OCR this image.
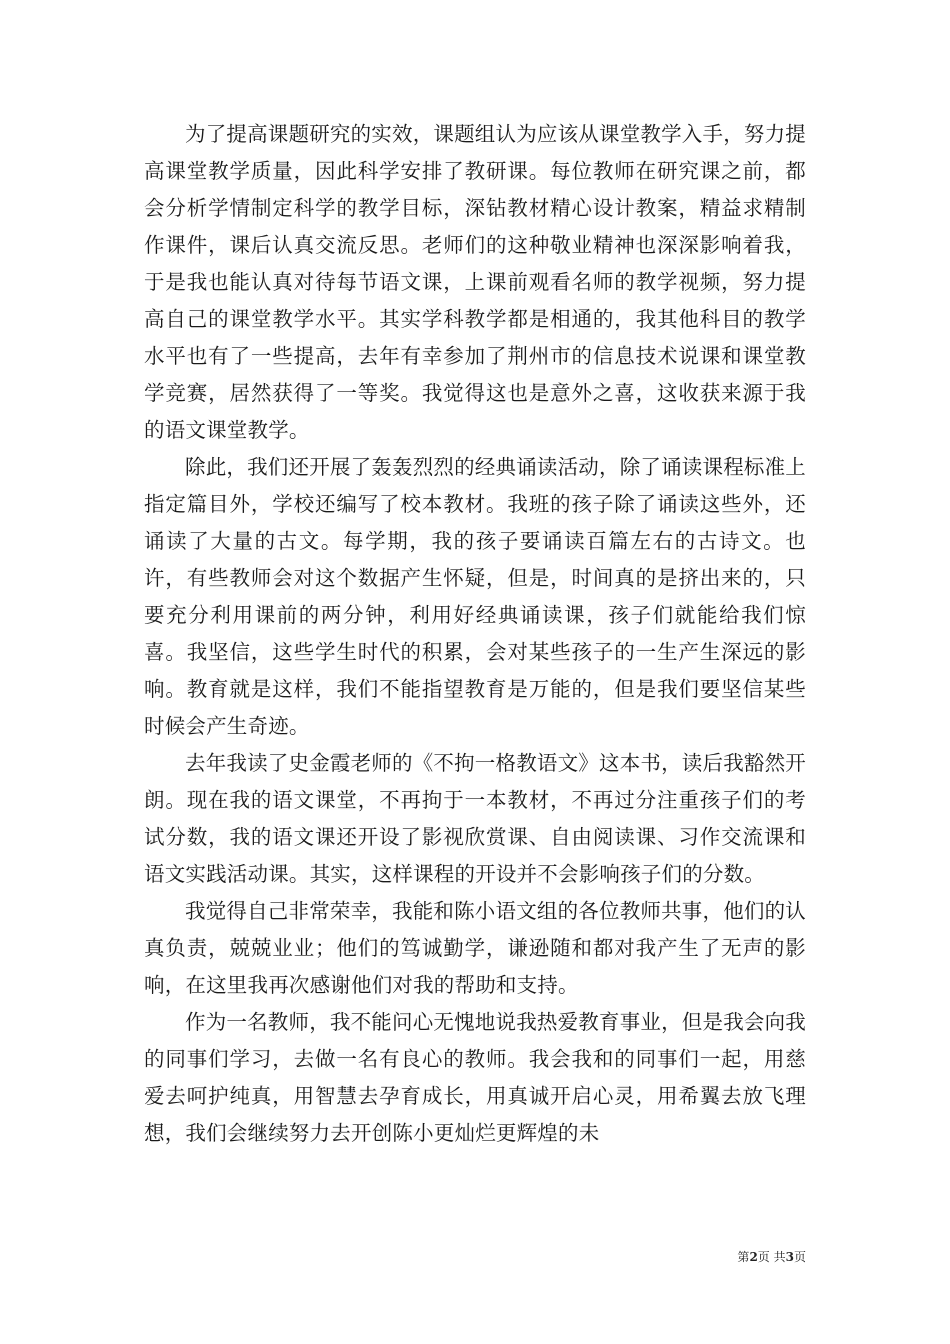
为了提高课题研究的实效，课题组认为应该从课堂教学入手，努力提高课堂教学质量，因此科学安排了教研课。每位教师在研究课之前，都会分析学情制定科学的教学目标，深钻教材精心设计教案，精益求精制作课件，课后认真交流反思。老师们的这种敬业精神也深深影响着我，于是我也能认真对待每节语文课，上课前观看名师的教学视频，努力提高自己的课堂教学水平。其实学科教学都是相通的，我其他科目的教学水平也有了一些提高，去年有幸参加了荆州市的信息技术说课和课堂教学竞赛，居然获得了一等奖。我觉得这也是意外之喜，这收获来源于我的语文课堂教学。

除此，我们还开展了轰轰烈烈的经典诵读活动，除了诵读课程标准上指定篇目外，学校还编写了校本教材。我班的孩子除了诵读这些外，还诵读了大量的古文。每学期，我的孩子要诵读百篇左右的古诗文。也许，有些教师会对这个数据产生怀疑，但是，时间真的是挤出来的，只要充分利用课前的两分钟，利用好经典诵读课，孩子们就能给我们惊喜。我坚信，这些学生时代的积累，会对某些孩子的一生产生深远的影响。教育就是这样，我们不能指望教育是万能的，但是我们要坚信某些时候会产生奇迹。

去年我读了史金霞老师的《不拘一格教语文》这本书，读后我豁然开朗。现在我的语文课堂，不再拘于一本教材，不再过分注重孩子们的考试分数，我的语文课还开设了影视欣赏课、自由阅读课、习作交流课和语文实践活动课。其实，这样课程的开设并不会影响孩子们的分数。

我觉得自己非常荣幸，我能和陈小语文组的各位教师共事，他们的认真负责，兢兢业业；他们的笃诚勤学，谦逊随和都对我产生了无声的影响，在这里我再次感谢他们对我的帮助和支持。

作为一名教师，我不能问心无愧地说我热爱教育事业，但是我会向我的同事们学习，去做一名有良心的教师。我会我和的同事们一起，用慈爱去呵护纯真，用智慧去孕育成长，用真诚开启心灵，用希翼去放飞理想，我们会继续努力去开创陈小更灿烂更辉煌的未

第2页 共3页
